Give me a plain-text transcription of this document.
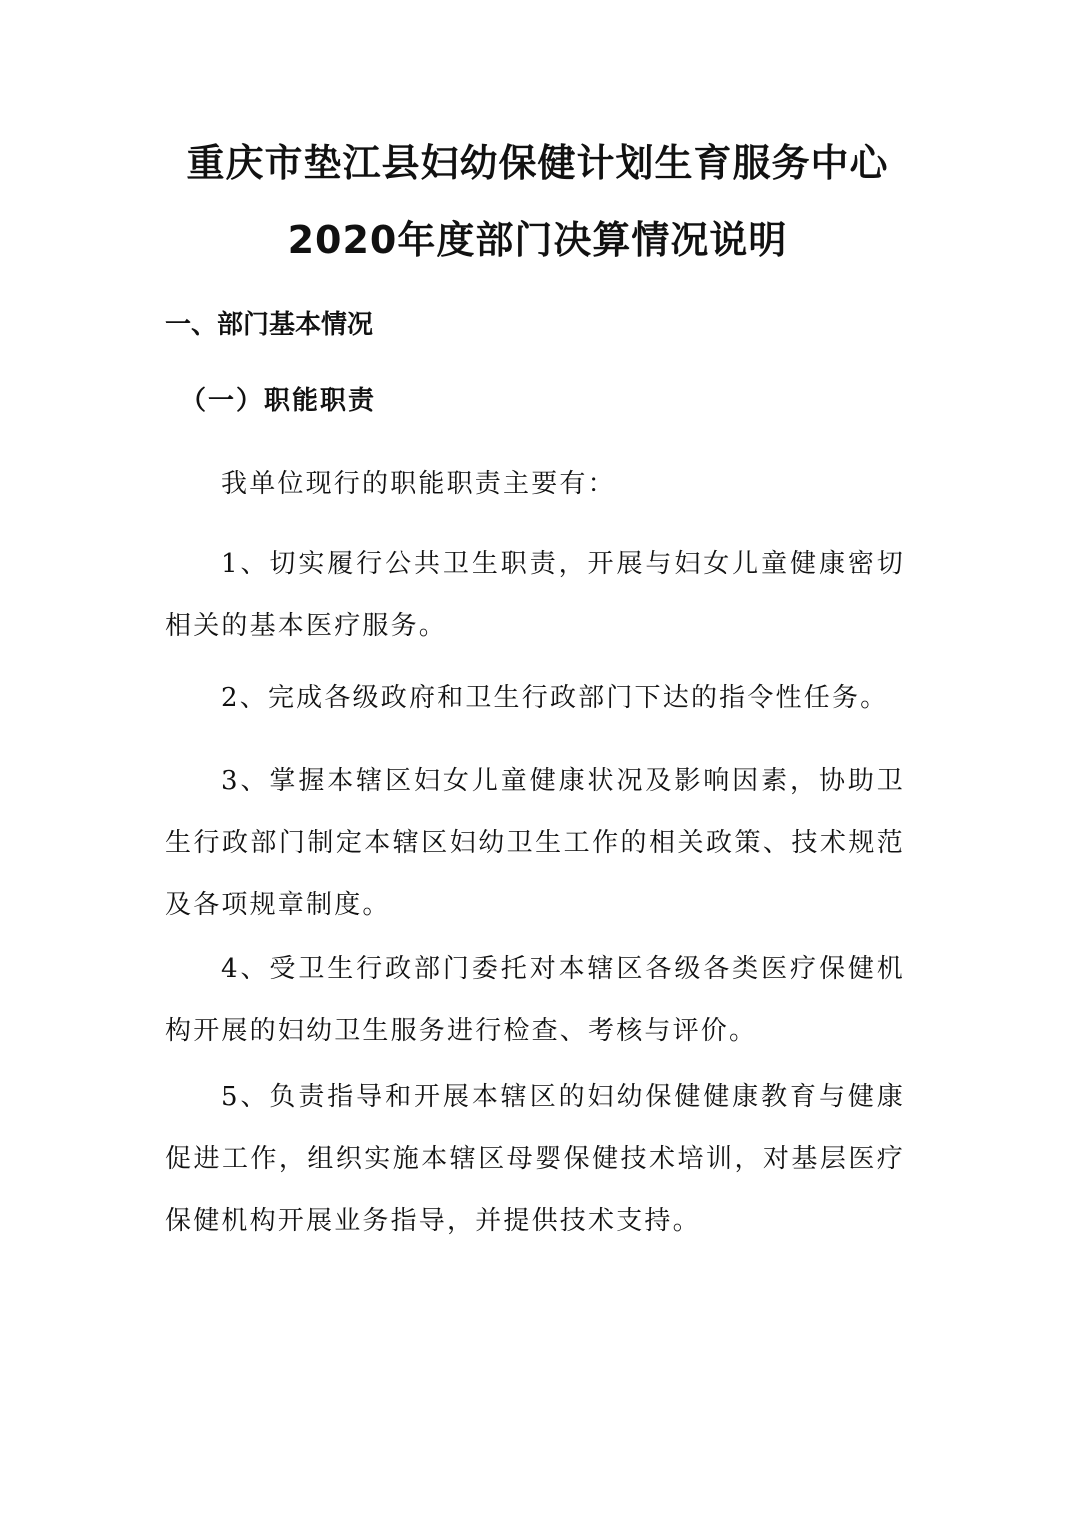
重庆市垫江县妇幼保健计划生育服务中心
2020年度部门决算情况说明
一、部门基本情况
（一）职能职责

我单位现行的职能职责主要有：

1、切实履行公共卫生职责，开展与妇女儿童健康密切相关的基本医疗服务。

2、完成各级政府和卫生行政部门下达的指令性任务。

3、掌握本辖区妇女儿童健康状况及影响因素，协助卫生行政部门制定本辖区妇幼卫生工作的相关政策、技术规范及各项规章制度。

4、受卫生行政部门委托对本辖区各级各类医疗保健机构开展的妇幼卫生服务进行检查、考核与评价。

5、负责指导和开展本辖区的妇幼保健健康教育与健康促进工作，组织实施本辖区母婴保健技术培训，对基层医疗保健机构开展业务指导，并提供技术支持。
